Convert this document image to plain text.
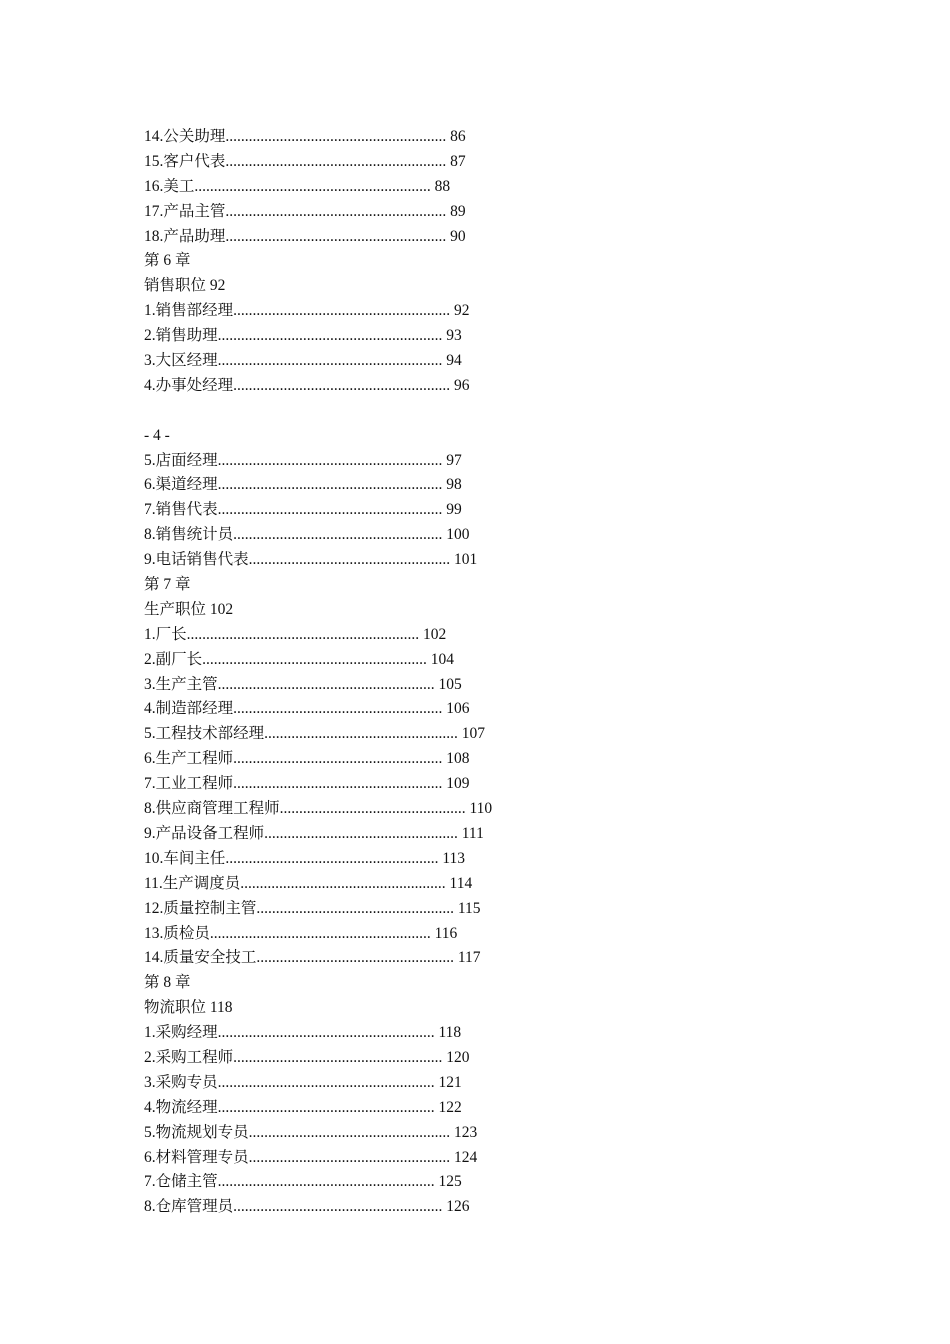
14.公关助理......................................................... 86
15.客户代表......................................................... 87
16.美工............................................................. 88
17.产品主管......................................................... 89
18.产品助理......................................................... 90
第 6 章
销售职位 92
1.销售部经理........................................................ 92
2.销售助理.......................................................... 93
3.大区经理.......................................................... 94
4.办事处经理........................................................ 96
- 4 -
5.店面经理.......................................................... 97
6.渠道经理.......................................................... 98
7.销售代表.......................................................... 99
8.销售统计员...................................................... 100
9.电话销售代表.................................................... 101
第 7 章
生产职位 102
1.厂长............................................................ 102
2.副厂长.......................................................... 104
3.生产主管........................................................ 105
4.制造部经理...................................................... 106
5.工程技术部经理.................................................. 107
6.生产工程师...................................................... 108
7.工业工程师...................................................... 109
8.供应商管理工程师................................................ 110
9.产品设备工程师.................................................. 111
10.车间主任....................................................... 113
11.生产调度员..................................................... 114
12.质量控制主管................................................... 115
13.质检员......................................................... 116
14.质量安全技工................................................... 117
第 8 章
物流职位 118
1.采购经理........................................................ 118
2.采购工程师...................................................... 120
3.采购专员........................................................ 121
4.物流经理........................................................ 122
5.物流规划专员.................................................... 123
6.材料管理专员.................................................... 124
7.仓储主管........................................................ 125
8.仓库管理员...................................................... 126
